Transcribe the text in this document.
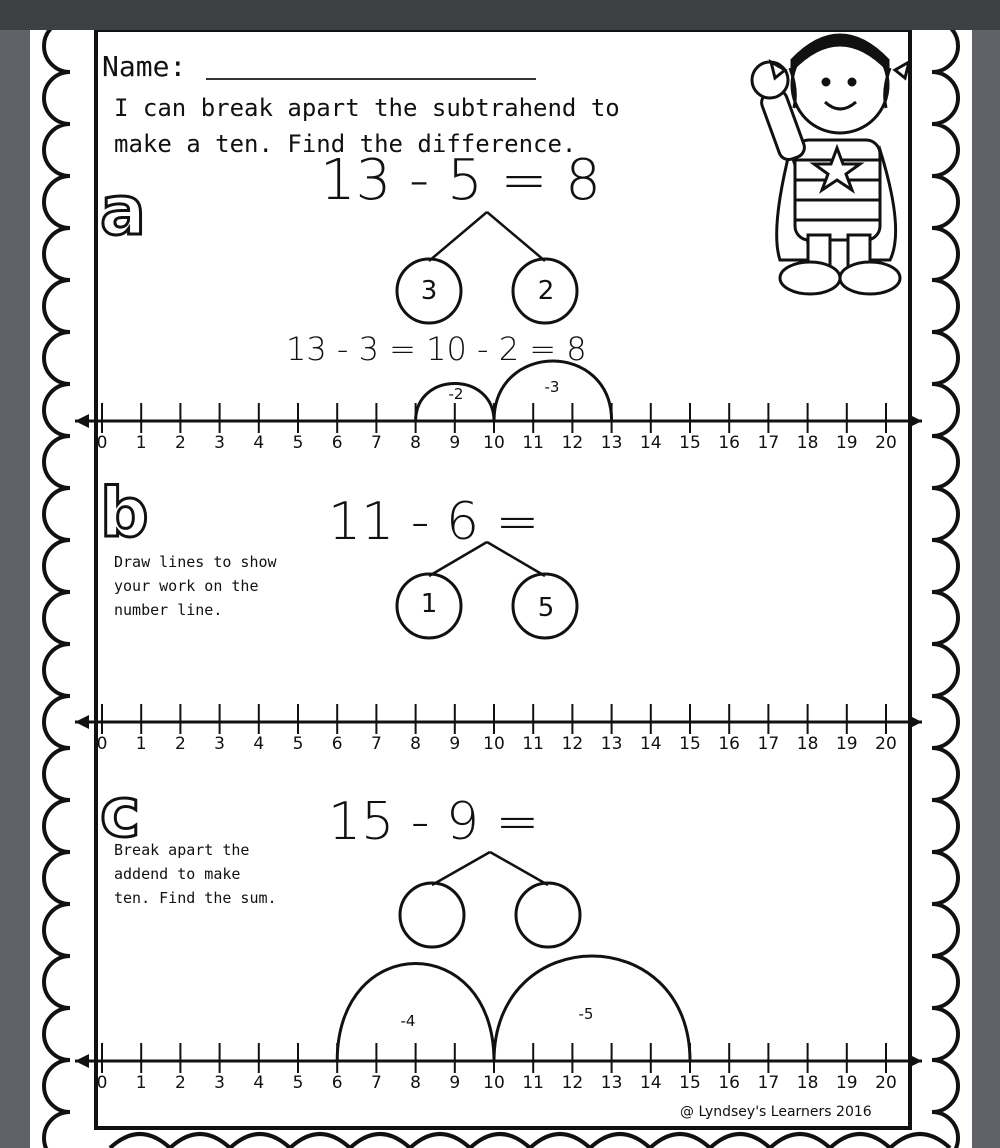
Name:
I can break apart the subtrahend to make a ten. Find the difference.
a
b
c
13 - 5 = 8
11 - 6 =
15 - 9 =
13 - 3 = 10 - 2 = 8
3	2
1	5
Draw lines to show your work on the number line.
Break apart the addend to make ten. Find the sum.
-2	-3
-4	-5
0 1 2 3 4 5 6 7 8 9 10 11 12 13 14 15 16 17 18 19 20
0 1 2 3 4 5 6 7 8 9 10 11 12 13 14 15 16 17 18 19 20
0 1 2 3 4 5 6 7 8 9 10 11 12 13 14 15 16 17 18 19 20
@ Lyndsey's Learners 2016
